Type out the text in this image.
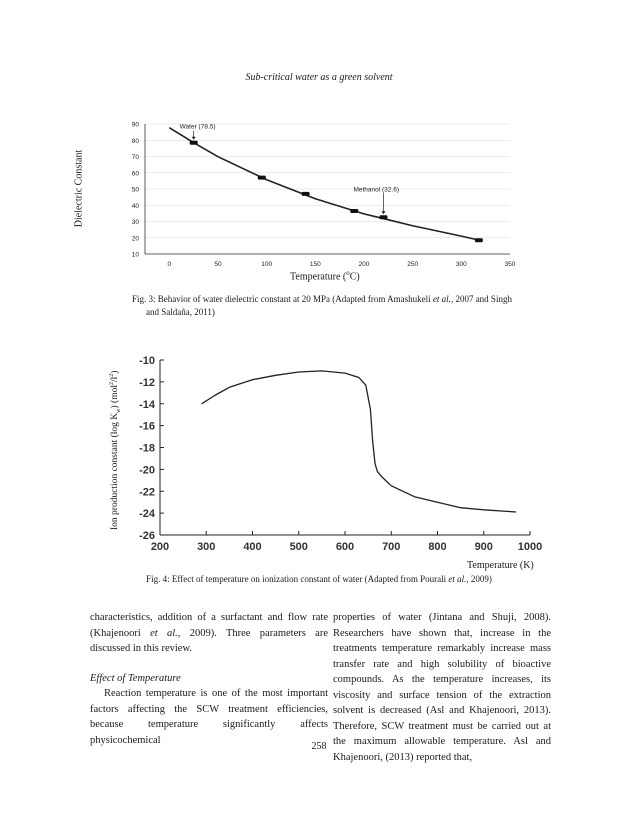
Sub-critical water as a green solvent
10
20
30
40
50
60
70
80
90
0	50	100	150	200	250	300	350
Water (78.5)
Methanol (32.6)
Dielectric Constant
Temperature ($^o$C)
Fig. 3: Behavior of water dielectric constant at 20 MPa (Adapted from Amashukeli et al., 2007 and Singh
and Saldaña, 2011)
-10
-12
-14
-16
-18
-20
-22
-24
-26
200	300	400	500	600	700	800	900 1000
Ion production constant (log $K_w$) $(mol^2/l^2)$
Temperature (K)
Fig. 4: Effect of temperature on ionization constant of water (Adapted from Pourali et al., 2009)

characteristics, addition of a surfactant and flow rate (Khajenoori et al., 2009). Three parameters are discussed in this review.

Effect of Temperature

Reaction temperature is one of the most important factors affecting the SCW treatment efficiencies, because temperature significantly affects physicochemical

properties of water (Jintana and Shuji, 2008). Researchers have shown that, increase in the treatments temperature remarkably increase mass transfer rate and high solubility of bioactive compounds. As the temperature increases, its viscosity and surface tension of the extraction solvent is decreased (Asl and Khajenoori, 2013). Therefore, SCW treatment must be carried out at the maximum allowable temperature. Asl and Khajenoori, (2013) reported that,

258
